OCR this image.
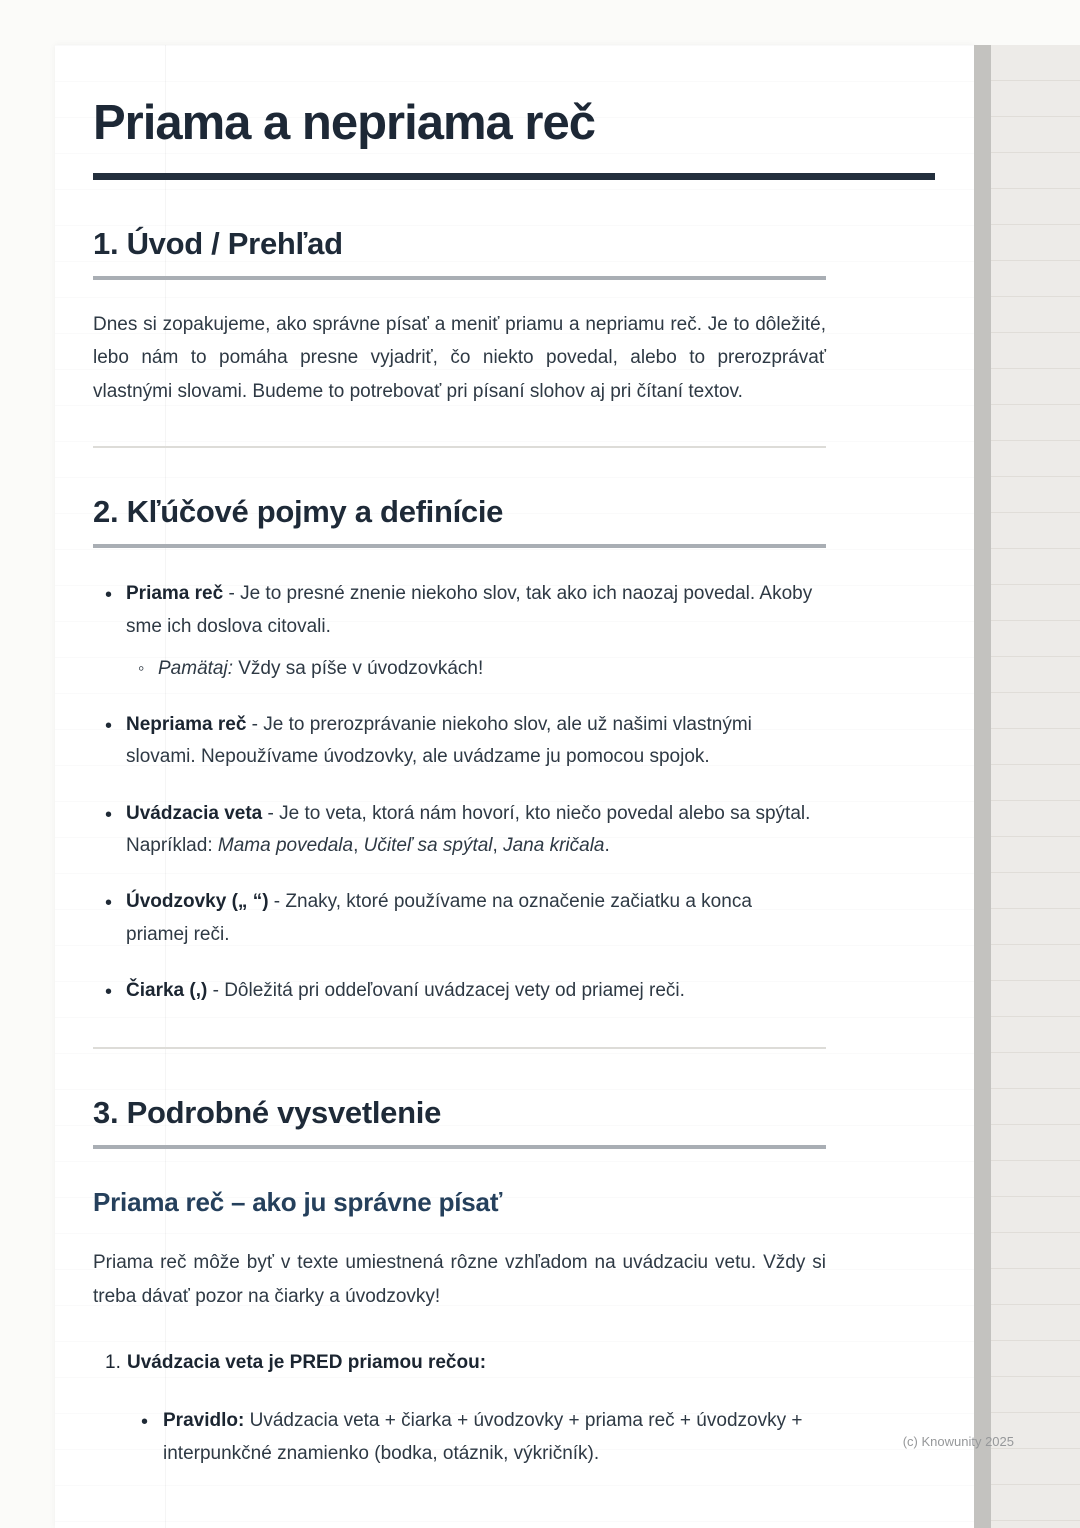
Priama a nepriama reč
1. Úvod / Prehľad

Dnes si zopakujeme, ako správne písať a meniť priamu a nepriamu reč. Je to dôležité, lebo nám to pomáha presne vyjadriť, čo niekto povedal, alebo to prerozprávať vlastnými slovami. Budeme to potrebovať pri písaní slohov aj pri čítaní textov.

2. Kľúčové pojmy a definície
•

Priama reč - Je to presné znenie niekoho slov, tak ako ich naozaj povedal. Akoby sme ich doslova citovali.

◦

Pamätaj: Vždy sa píše v úvodzovkách!

•

Nepriama reč - Je to prerozprávanie niekoho slov, ale už našimi vlastnými slovami. Nepoužívame úvodzovky, ale uvádzame ju pomocou spojok.

•

Uvádzacia veta - Je to veta, ktorá nám hovorí, kto niečo povedal alebo sa spýtal. Napríklad: Mama povedala, Učiteľ sa spýtal, Jana kričala.

•

Úvodzovky („ “) - Znaky, ktoré používame na označenie začiatku a konca priamej reči.

•

Čiarka (,) - Dôležitá pri oddeľovaní uvádzacej vety od priamej reči.

3. Podrobné vysvetlenie
Priama reč – ako ju správne písať

Priama reč môže byť v texte umiestnená rôzne vzhľadom na uvádzaciu vetu. Vždy si treba dávať pozor na čiarky a úvodzovky!

1. Uvádzacia veta je PRED priamou rečou:

•

Pravidlo: Uvádzacia veta + čiarka + úvodzovky + priama reč + úvodzovky + interpunkčné znamienko (bodka, otáznik, výkričník).

(c) Knowunity 2025
